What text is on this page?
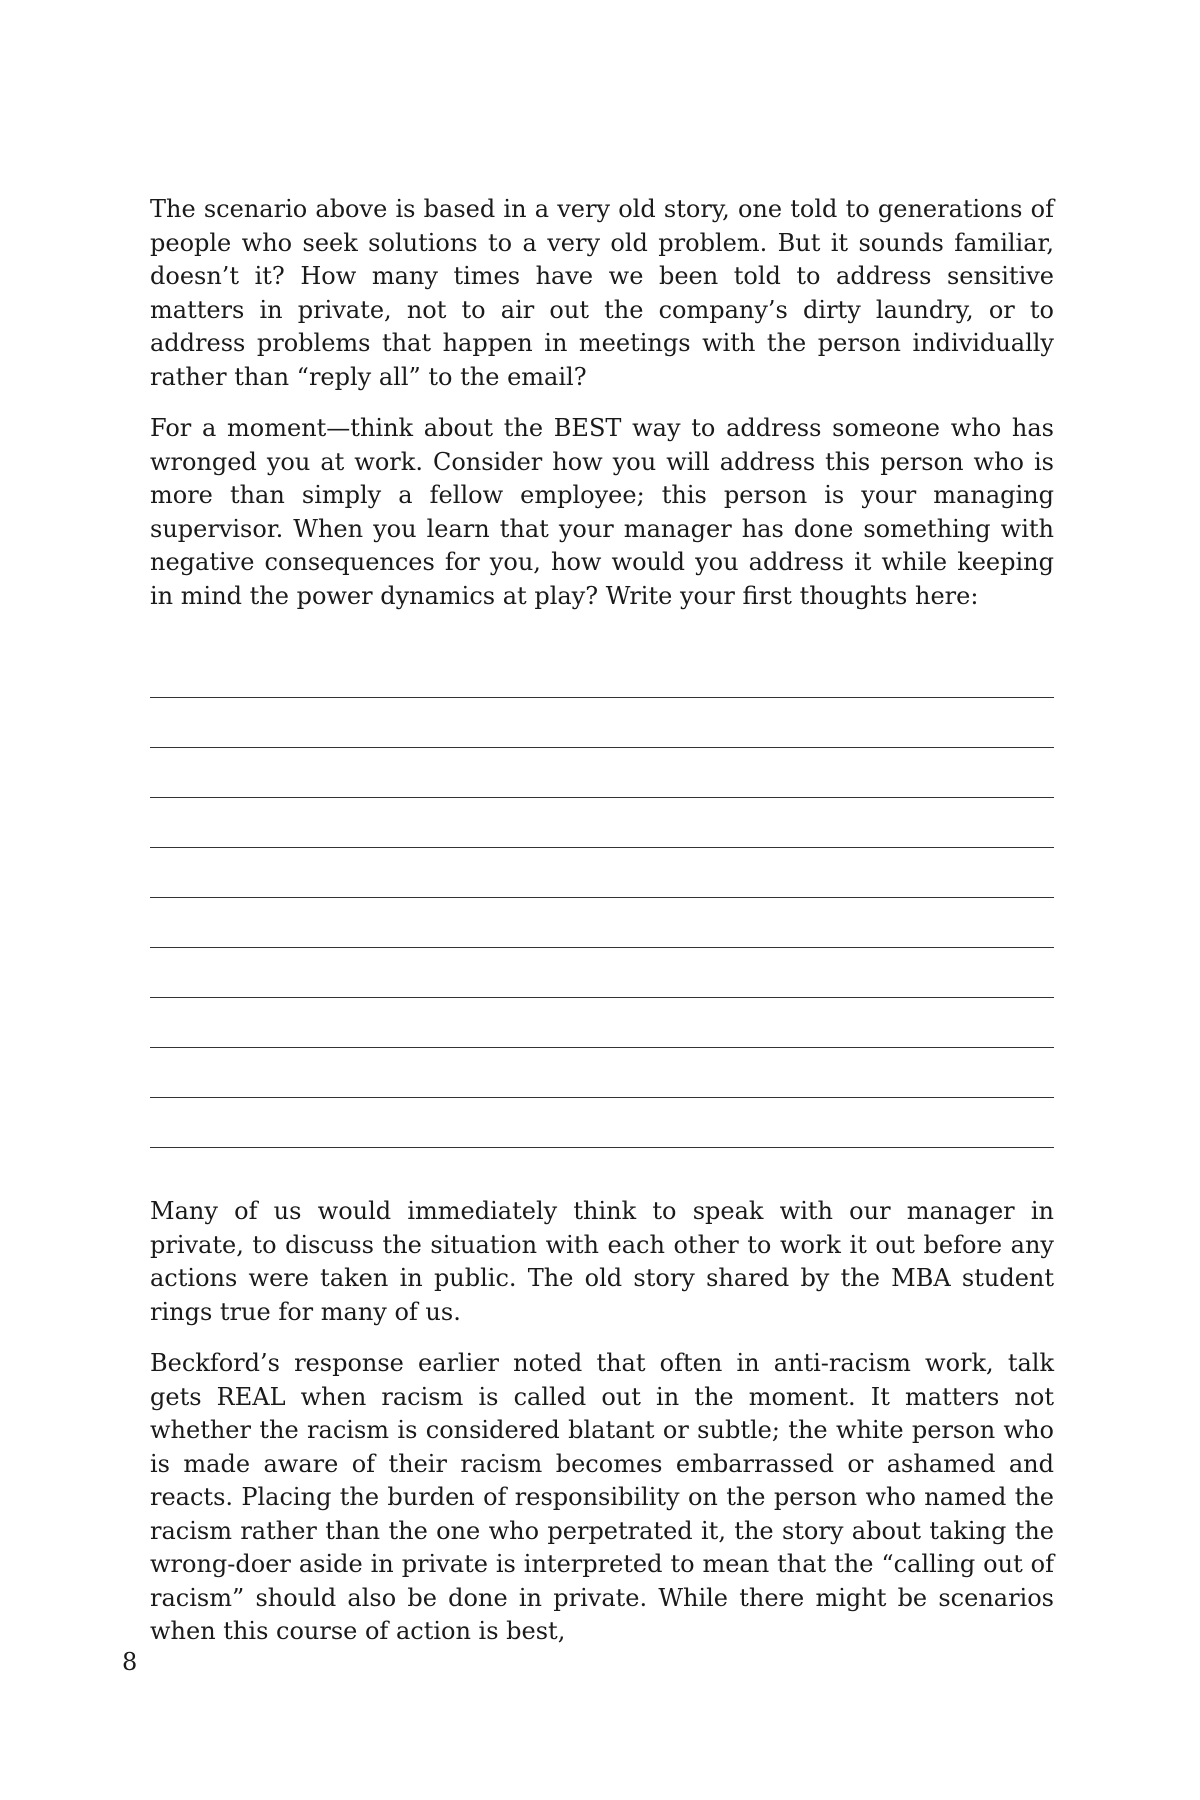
The scenario above is based in a very old story, one told to generations of people who seek solutions to a very old problem. But it sounds familiar, doesn’t it? How many times have we been told to address sensitive matters in private, not to air out the company’s dirty laundry, or to address problems that happen in meetings with the person individually rather than “reply all” to the email?

For a moment—think about the BEST way to address someone who has wronged you at work. Consider how you will address this person who is more than simply a fellow employee; this person is your managing supervisor. When you learn that your manager has done something with negative consequences for you, how would you address it while keeping in mind the power dynamics at play? Write your first thoughts here:

Many of us would immediately think to speak with our manager in private, to discuss the situation with each other to work it out before any actions were taken in public. The old story shared by the MBA student rings true for many of us.

Beckford’s response earlier noted that often in anti-racism work, talk gets REAL when racism is called out in the moment. It matters not whether the racism is considered blatant or subtle; the white person who is made aware of their racism becomes embarrassed or ashamed and reacts. Placing the burden of responsibility on the person who named the racism rather than the one who perpetrated it, the story about taking the wrong-doer aside in private is interpreted to mean that the “calling out of racism” should also be done in private. While there might be scenarios when this course of action is best,

8
